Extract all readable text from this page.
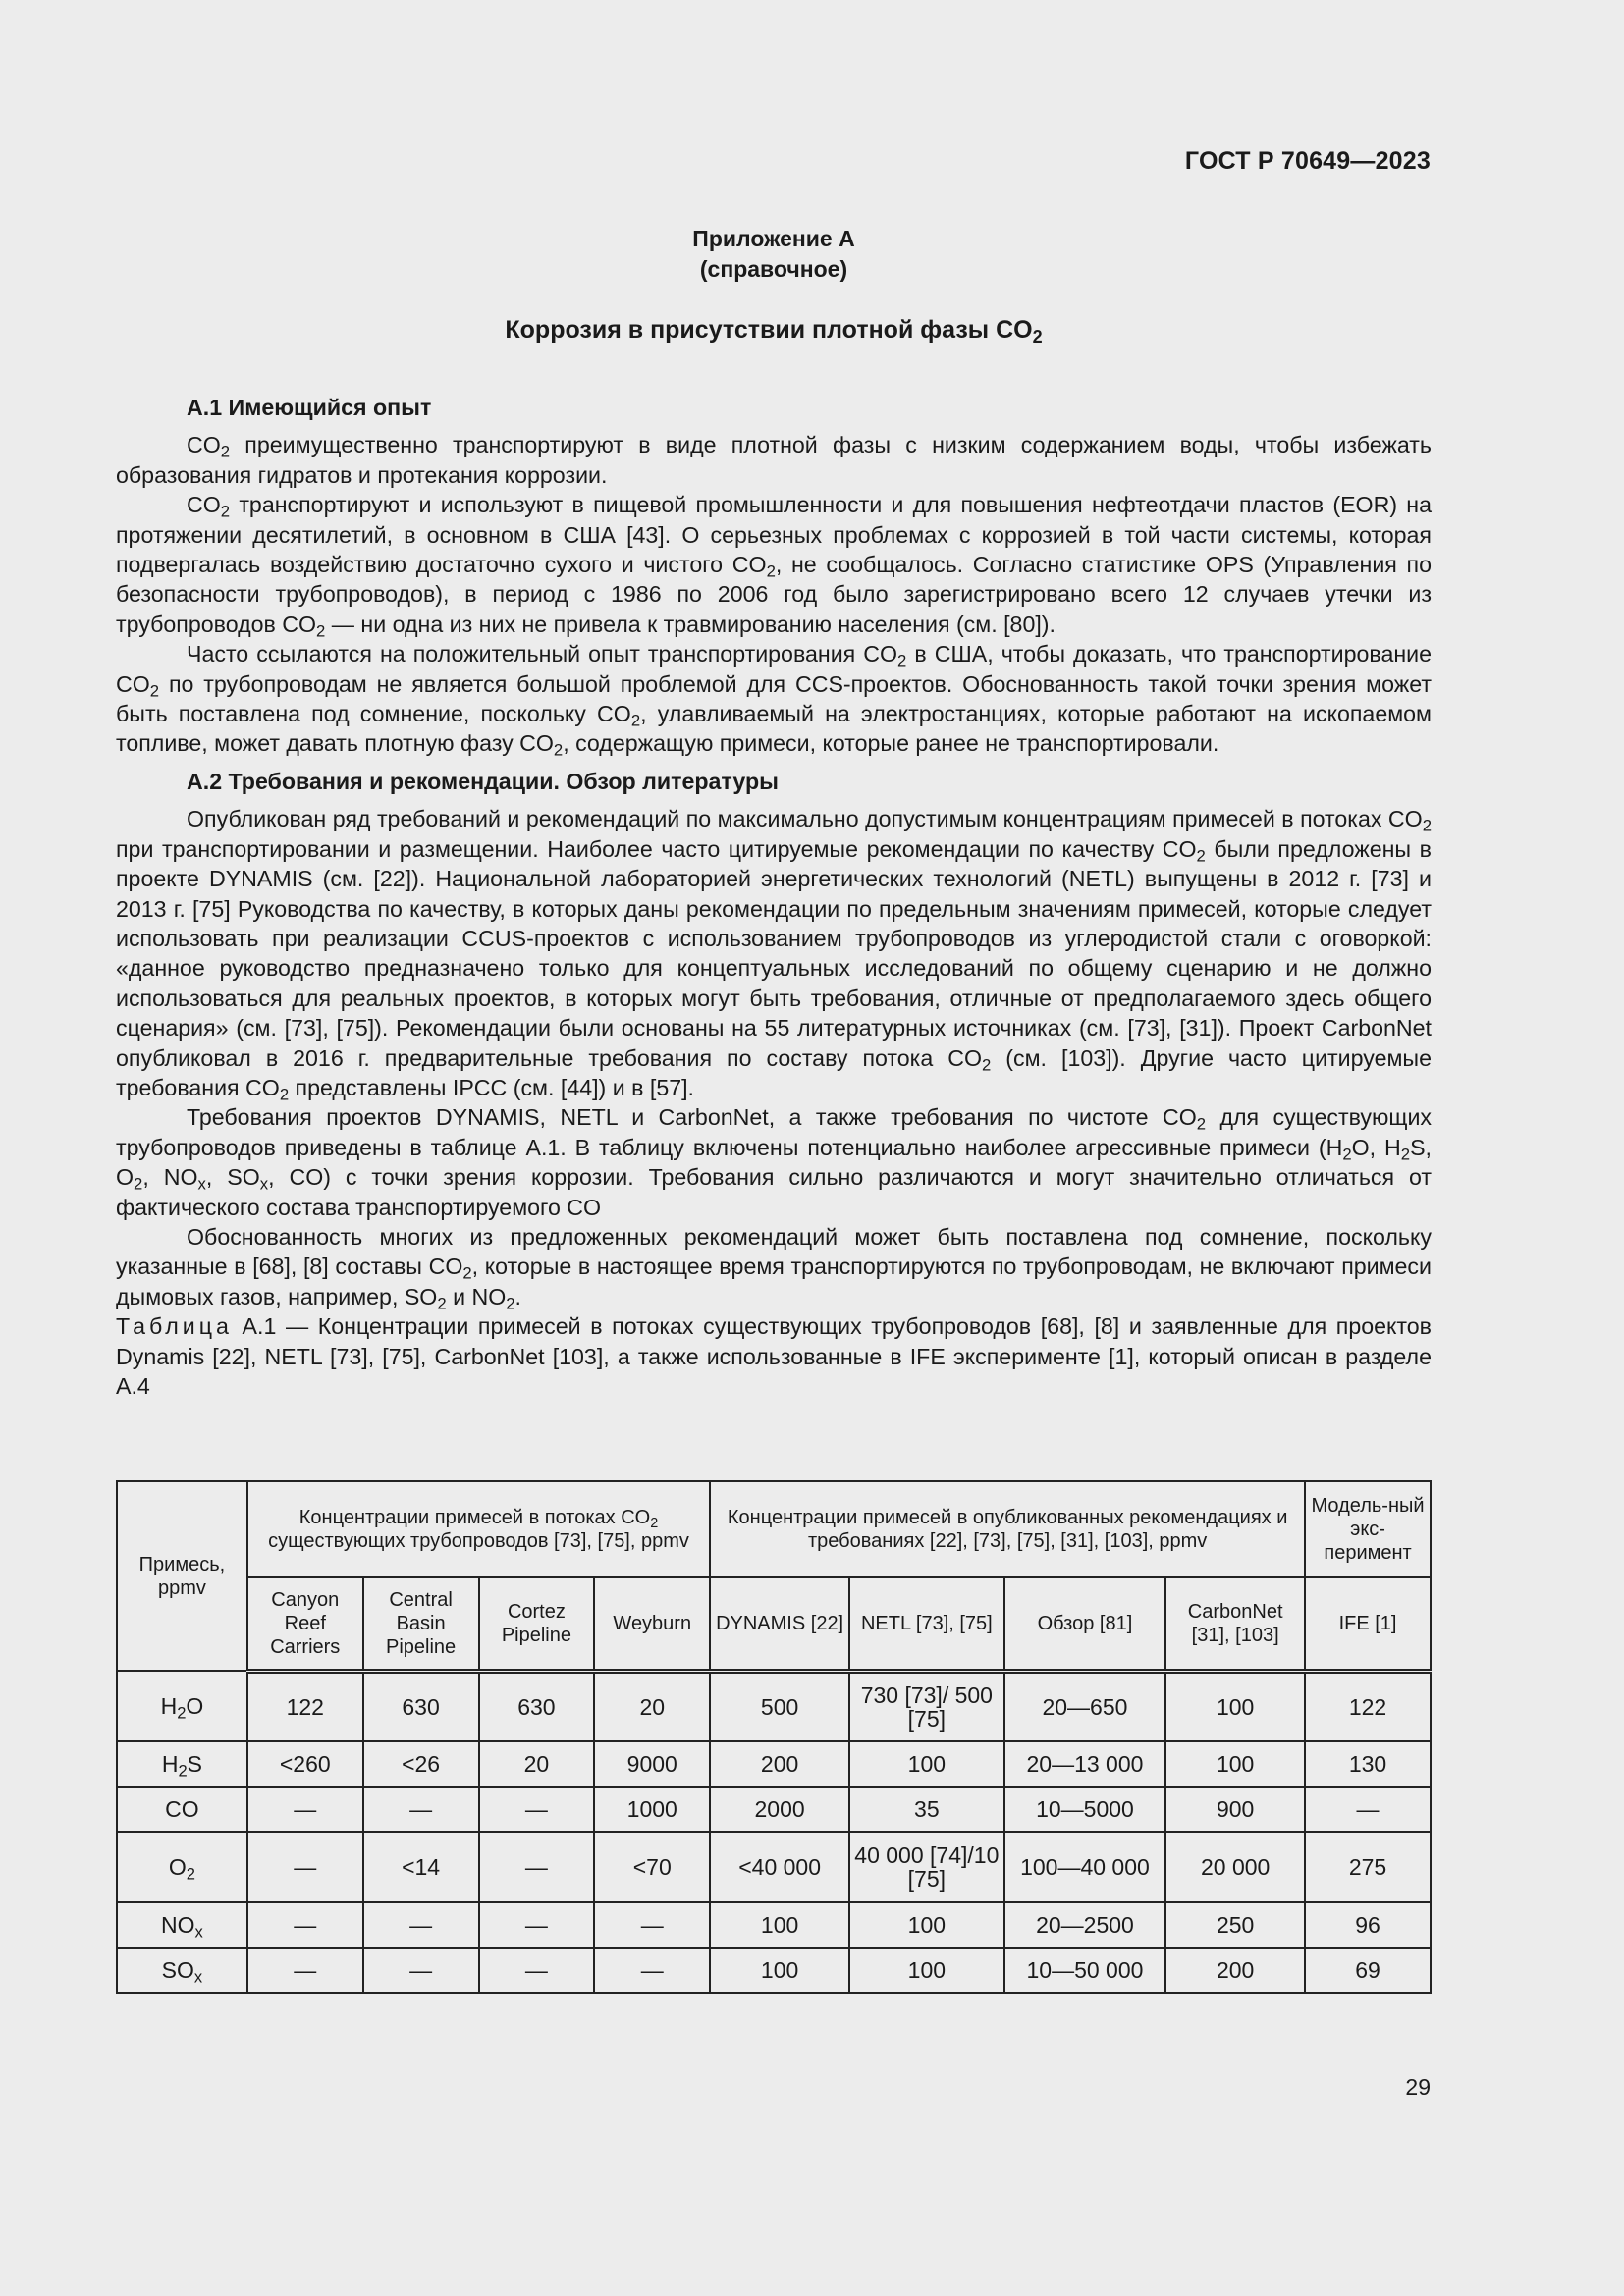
ГОСТ Р 70649—2023
Приложение А
(справочное)
Коррозия в присутствии плотной фазы $CO_2$
А.1 Имеющийся опыт

$CO_2$ преимущественно транспортируют в виде плотной фазы с низким содержанием воды, чтобы избежать образования гидратов и протекания коррозии.

$CO_2$ транспортируют и используют в пищевой промышленности и для повышения нефтеотдачи пластов (EOR) на протяжении десятилетий, в основном в США [43]. О серьезных проблемах с коррозией в той части системы, которая подвергалась воздействию достаточно сухого и чистого $CO_2$, не сообщалось. Согласно статистике OPS (Управления по безопасности трубопроводов), в период с 1986 по 2006 год было зарегистрировано всего 12 случаев утечки из трубопроводов $CO_2$ — ни одна из них не привела к травмированию населения (см. [80]).

Часто ссылаются на положительный опыт транспортирования $CO_2$ в США, чтобы доказать, что транспортирование $CO_2$ по трубопроводам не является большой проблемой для CCS-проектов. Обоснованность такой точки зрения может быть поставлена под сомнение, поскольку $CO_2$, улавливаемый на электростанциях, которые работают на ископаемом топливе, может давать плотную фазу $CO_2$, содержащую примеси, которые ранее не транспортировали.

А.2 Требования и рекомендации. Обзор литературы

Опубликован ряд требований и рекомендаций по максимально допустимым концентрациям примесей в потоках $CO_2$ при транспортировании и размещении. Наиболее часто цитируемые рекомендации по качеству $CO_2$ были предложены в проекте DYNAMIS (см. [22]). Национальной лабораторией энергетических технологий (NETL) выпущены в 2012 г. [73] и 2013 г. [75] Руководства по качеству, в которых даны рекомендации по предельным значениям примесей, которые следует использовать при реализации CCUS-проектов с использованием трубопроводов из углеродистой стали с оговоркой: «данное руководство предназначено только для концептуальных исследований по общему сценарию и не должно использоваться для реальных проектов, в которых могут быть требования, отличные от предполагаемого здесь общего сценария» (см. [73], [75]). Рекомендации были основаны на 55 литературных источниках (см. [73], [31]). Проект CarbonNet опубликовал в 2016 г. предварительные требования по составу потока $CO_2$ (см. [103]). Другие часто цитируемые требования $CO_2$ представлены IPCC (см. [44]) и в [57].

Требования проектов DYNAMIS, NETL и CarbonNet, а также требования по чистоте $CO_2$ для существующих трубопроводов приведены в таблице А.1. В таблицу включены потенциально наиболее агрессивные примеси ($H_2O$, $H_2S$, $O_2$, $NO_x$, $SO_x$, CO) с точки зрения коррозии. Требования сильно различаются и могут значительно отличаться от фактического состава транспортируемого CO

Обоснованность многих из предложенных рекомендаций может быть поставлена под сомнение, поскольку указанные в [68], [8] составы $CO_2$, которые в настоящее время транспортируются по трубопроводам, не включают примеси дымовых газов, например, $SO_2$ и $NO_2$.

Таблица А.1 — Концентрации примесей в потоках существующих трубопроводов [68], [8] и заявленные для проектов Dynamis [22], NETL [73], [75], CarbonNet [103], а также использованные в IFE эксперименте [1], который описан в разделе А.4

Примесь, ppmv	Концентрации примесей в потоках $CO_2$ существующих трубопроводов [73], [75], ppmv				Концентрации примесей в опубликованных рекомендациях и требованиях [22], [73], [75], [31], [103], ppmv				Модель-ный экс-перимент
	Canyon Reef Carriers	Central Basin Pipeline	Cortez Pipeline	Weyburn	DYNAMIS [22]	NETL [73], [75]	Обзор [81]	CarbonNet [31], [103]	IFE [1]
$H_2O$	122	630	630	20	500	730 [73]/ 500 [75]	20—650	100	122
$H_2S$	<260	<26	20	9000	200	100	20—13 000	100	130
CO	—	—	—	1000	2000	35	10—5000	900	—
$O_2$	—	<14	—	<70	<40 000	40 000 [74]/10 [75]	100—40 000	20 000	275
$NO_x$	—	—	—	—	100	100	20—2500	250	96
$SO_x$	—	—	—	—	100	100	10—50 000	200	69
29
